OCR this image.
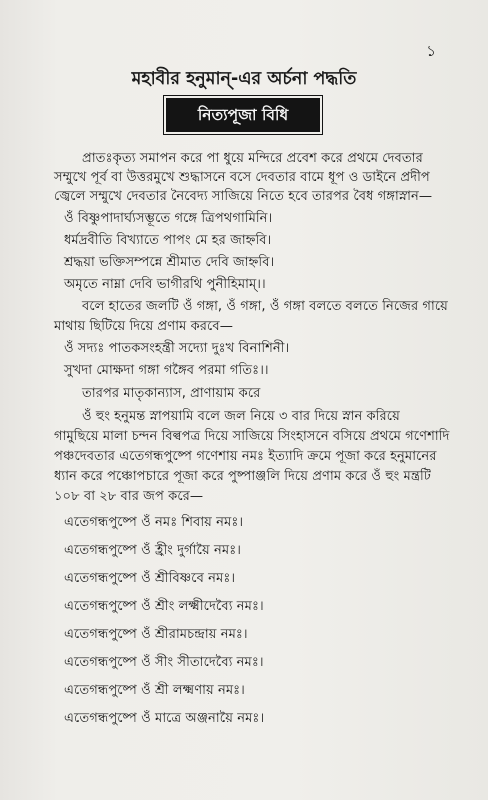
১
মহাবীর হনুমান্-এর অর্চনা পদ্ধতি
নিত্যপূজা বিধি
প্রাতঃকৃত্য সমাপন করে পা ধুয়ে মন্দিরে প্রবেশ করে প্রথমে দেবতার
সম্মুখে পূর্ব বা উত্তরমুখে শুদ্ধাসনে বসে দেবতার বামে ধূপ ও ডাইনে প্রদীপ
জ্বেলে সম্মুখে দেবতার নৈবেদ্য সাজিয়ে নিতে হবে তারপর বৈধ গঙ্গাস্নান—
ওঁ বিষ্ণুপাদার্ঘ্যসম্ভূতে গঙ্গে ত্রিপথগামিনি।
ধর্মদ্রবীতি বিখ্যাতে পাপং মে হর জাহ্নবি।
শ্রদ্ধয়া ভক্তিসম্পন্নে শ্রীমাত দেবি জাহ্নবি।
অমৃতে নাম্না দেবি ভাগীরথি পুনীহিমাম্।।
বলে হাতের জলটি ওঁ গঙ্গা, ওঁ গঙ্গা, ওঁ গঙ্গা বলতে বলতে নিজের গায়ে
মাথায় ছিটিয়ে দিয়ে প্রণাম করবে—
ওঁ সদ্যঃ পাতকসংহন্ত্রী সদ্যো দুঃখ বিনাশিনী।
সুখদা মোক্ষদা গঙ্গা গঙ্গৈব পরমা গতিঃ।।
তারপর মাতৃকান্যাস, প্রাণায়াম করে
ওঁ হুং হনুমন্ত স্নাপয়ামি বলে জল নিয়ে ৩ বার দিয়ে স্নান করিয়ে
গামুছিয়ে মালা চন্দন বিল্বপত্র দিয়ে সাজিয়ে সিংহাসনে বসিয়ে প্রথমে গণেশাদি
পঞ্চদেবতার এতেগন্ধপুষ্পে গণেশায় নমঃ ইত্যাদি ক্রমে পূজা করে হনুমানের
ধ্যান করে পঞ্চোপচারে পূজা করে পুষ্পাঞ্জলি দিয়ে প্রণাম করে ওঁ হুং মন্ত্রটি
১০৮ বা ২৮ বার জপ করে—
এতেগন্ধপুষ্পে ওঁ নমঃ শিবায় নমঃ।
এতেগন্ধপুষ্পে ওঁ হ্রীং দুর্গায়ৈ নমঃ।
এতেগন্ধপুষ্পে ওঁ শ্রীবিষ্ণবে নমঃ।
এতেগন্ধপুষ্পে ওঁ শ্রীং লক্ষ্মীদেব্যৈ নমঃ।
এতেগন্ধপুষ্পে ওঁ শ্রীরামচন্দ্রায় নমঃ।
এতেগন্ধপুষ্পে ওঁ সীং সীতাদেব্যৈ নমঃ।
এতেগন্ধপুষ্পে ওঁ শ্রী লক্ষ্মণায় নমঃ।
এতেগন্ধপুষ্পে ওঁ মাত্রে অঞ্জনায়ৈ নমঃ।
